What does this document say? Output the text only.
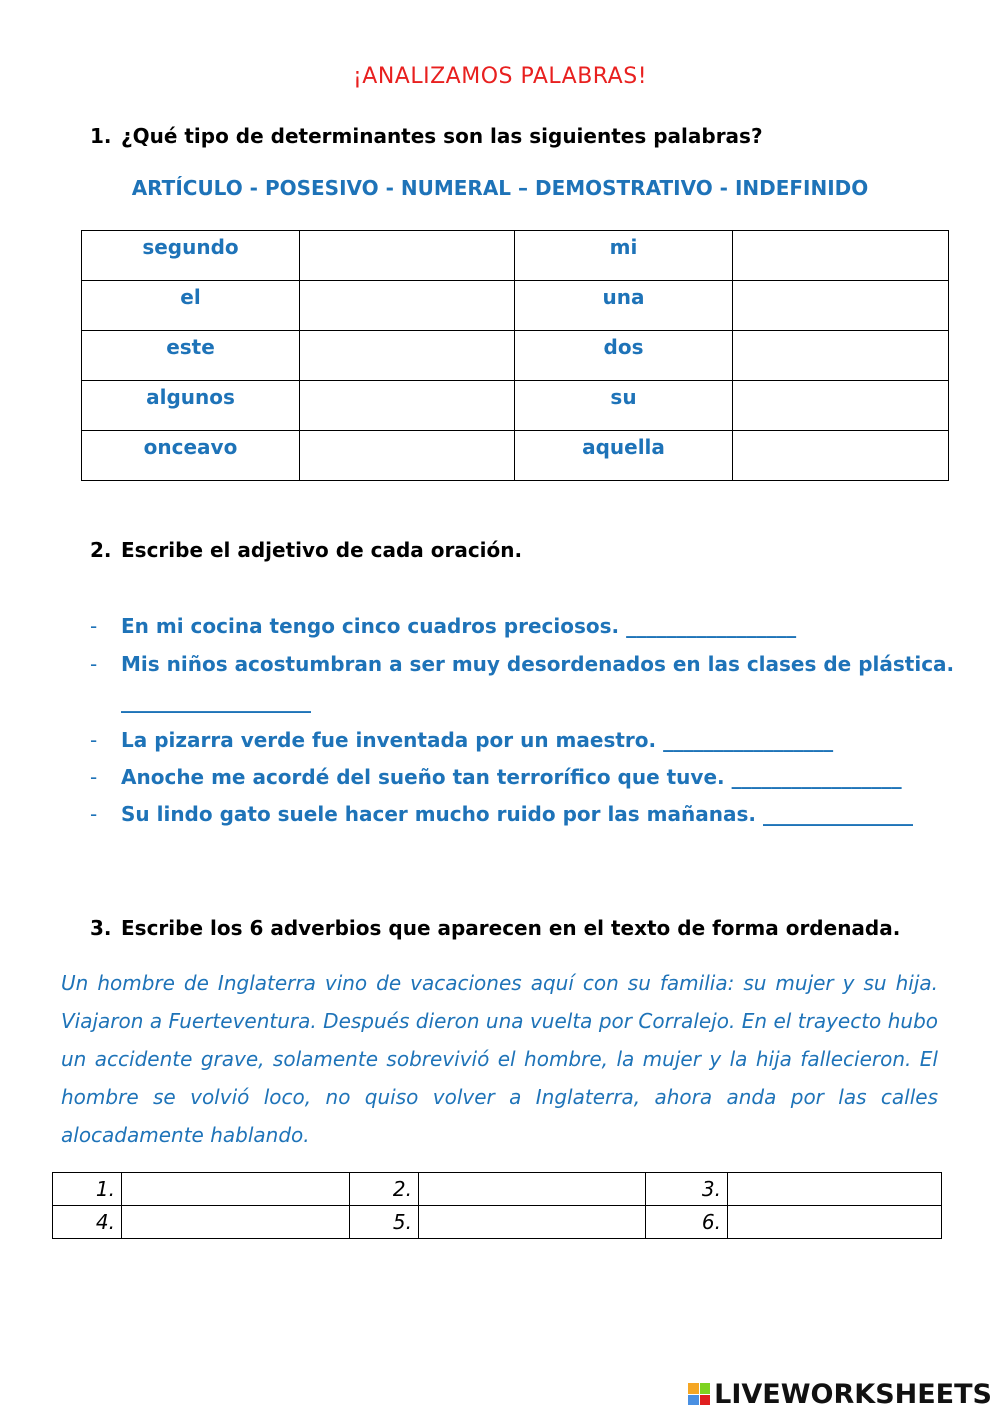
¡ANALIZAMOS PALABRAS!
1. ¿Qué tipo de determinantes son las siguientes palabras?
ARTÍCULO - POSESIVO - NUMERAL – DEMOSTRATIVO - INDEFINIDO
segundo		mi	
el		una	
este		dos	
algunos		su	
onceavo		aquella	
2. Escribe el adjetivo de cada oración.
- En mi cocina tengo cinco cuadros preciosos. _________________
- Mis niños acostumbran a ser muy desordenados en las clases de plástica.
___________________
- La pizarra verde fue inventada por un maestro. _________________
- Anoche me acordé del sueño tan terrorífico que tuve. _________________
- Su lindo gato suele hacer mucho ruido por las mañanas. _______________
3. Escribe los 6 adverbios que aparecen en el texto de forma ordenada.
Un hombre de Inglaterra vino de vacaciones aquí con su familia: su mujer y su hija. Viajaron a Fuerteventura. Después dieron una vuelta por Corralejo. En el trayecto hubo un accidente grave, solamente sobrevivió el hombre, la mujer y la hija fallecieron. El hombre se volvió loco, no quiso volver a Inglaterra, ahora anda por las calles alocadamente hablando.
1.		2.		3.	
4.		5.		6.	
LIVEWORKSHEETS
